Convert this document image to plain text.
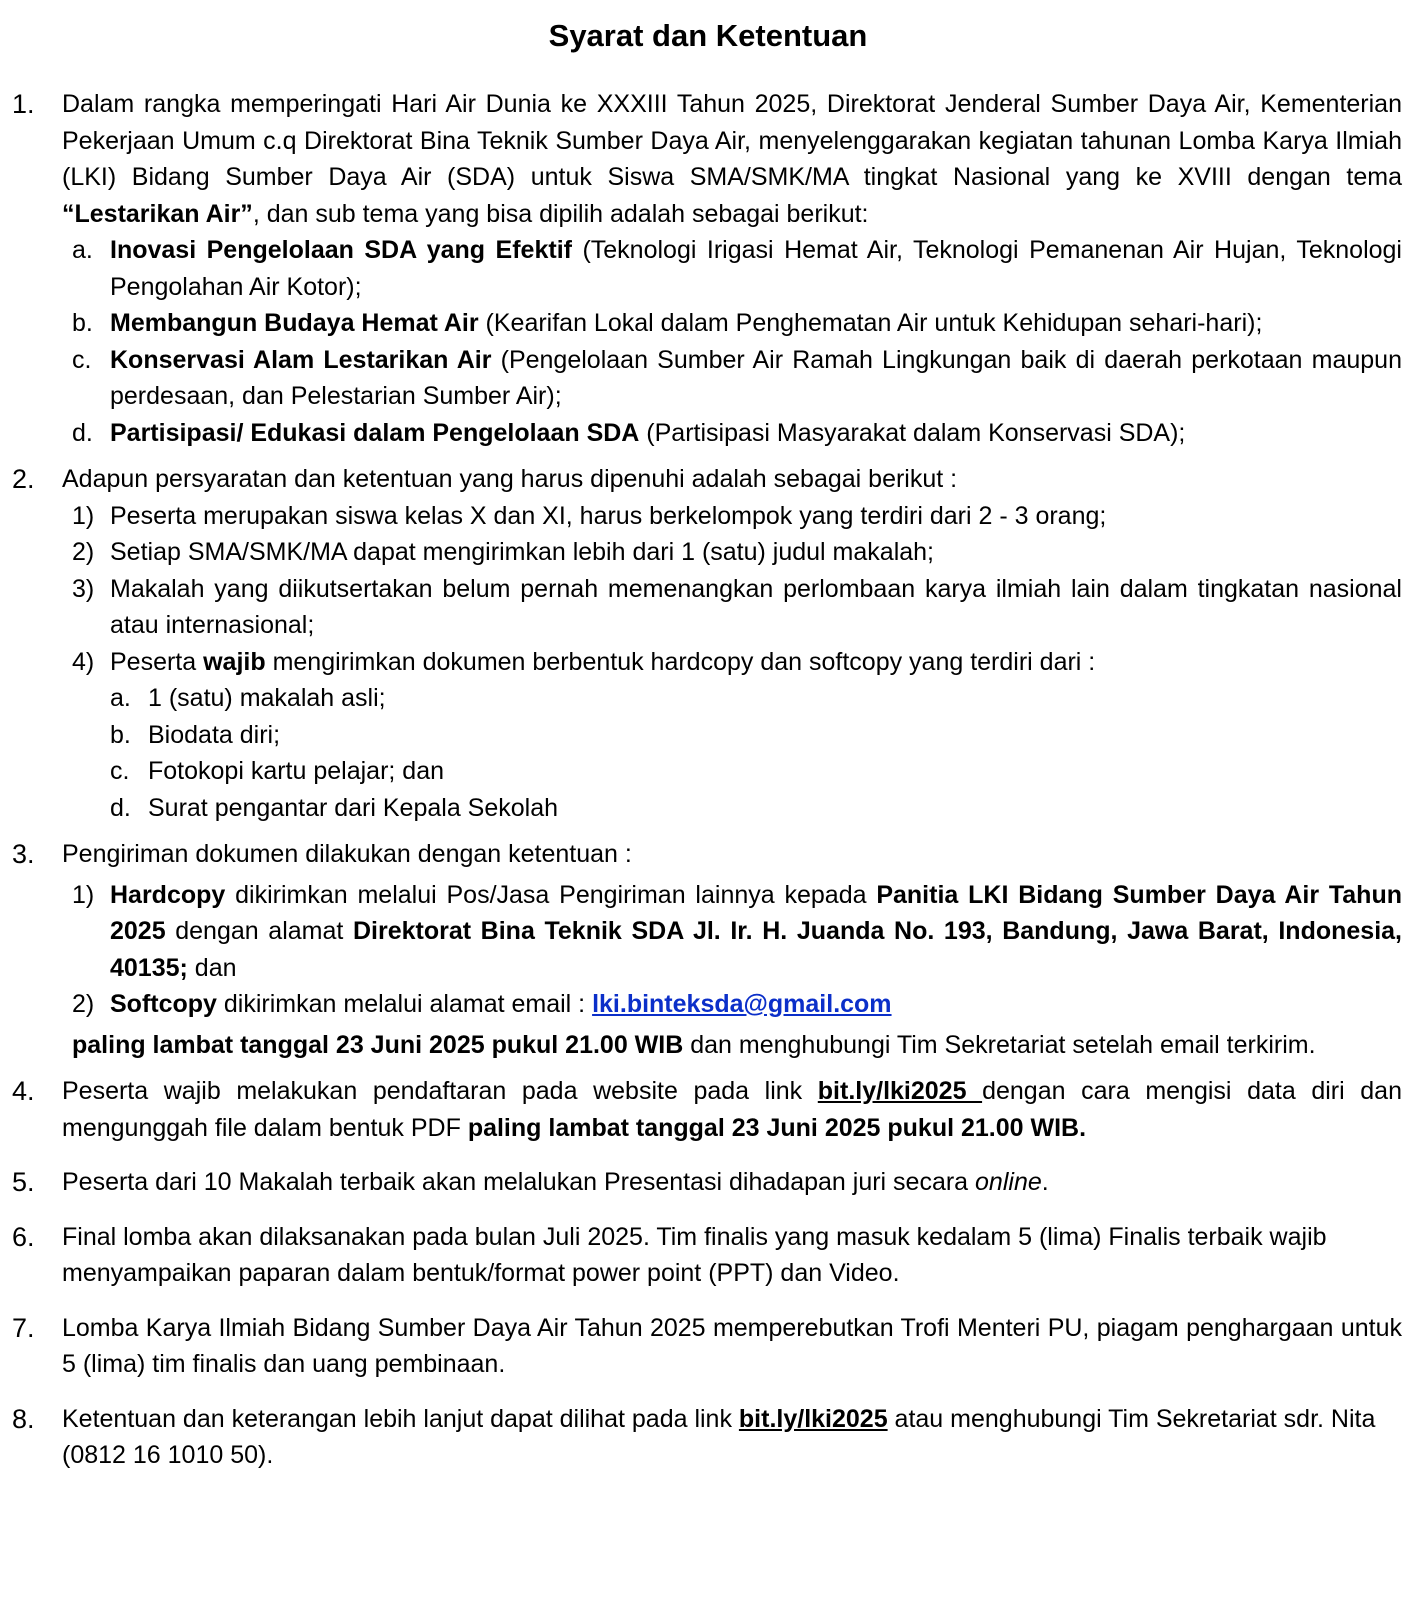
Syarat dan Ketentuan
1.	Dalam rangka memperingati Hari Air Dunia ke XXXIII Tahun 2025, Direktorat Jenderal Sumber Daya Air, Kementerian Pekerjaan Umum c.q Direktorat Bina Teknik Sumber Daya Air, menyelenggarakan kegiatan tahunan Lomba Karya Ilmiah (LKI) Bidang Sumber Daya Air (SDA) untuk Siswa SMA/SMK/MA tingkat Nasional yang ke XVIII dengan tema “Lestarikan Air”, dan sub tema yang bisa dipilih adalah sebagai berikut:
a. Inovasi Pengelolaan SDA yang Efektif (Teknologi Irigasi Hemat Air, Teknologi Pemanenan Air Hujan, Teknologi Pengolahan Air Kotor);
b. Membangun Budaya Hemat Air (Kearifan Lokal dalam Penghematan Air untuk Kehidupan sehari-hari);
c. Konservasi Alam Lestarikan Air (Pengelolaan Sumber Air Ramah Lingkungan baik di daerah perkotaan maupun perdesaan, dan Pelestarian Sumber Air);
d. Partisipasi/ Edukasi dalam Pengelolaan SDA (Partisipasi Masyarakat dalam Konservasi SDA);
2.	Adapun persyaratan dan ketentuan yang harus dipenuhi adalah sebagai berikut :
1) Peserta merupakan siswa kelas X dan XI, harus berkelompok yang terdiri dari 2 - 3 orang;
2) Setiap SMA/SMK/MA dapat mengirimkan lebih dari 1 (satu) judul makalah;
3) Makalah yang diikutsertakan belum pernah memenangkan perlombaan karya ilmiah lain dalam tingkatan nasional atau internasional;
4) Peserta wajib mengirimkan dokumen berbentuk hardcopy dan softcopy yang terdiri dari :
a. 1 (satu) makalah asli;
b. Biodata diri;
c. Fotokopi kartu pelajar; dan
d. Surat pengantar dari Kepala Sekolah
3.	Pengiriman dokumen dilakukan dengan ketentuan :
1) Hardcopy dikirimkan melalui Pos/Jasa Pengiriman lainnya kepada Panitia LKI Bidang Sumber Daya Air Tahun 2025 dengan alamat Direktorat Bina Teknik SDA Jl. Ir. H. Juanda No. 193, Bandung, Jawa Barat, Indonesia, 40135; dan
2) Softcopy dikirimkan melalui alamat email : lki.binteksda@gmail.com
paling lambat tanggal 23 Juni 2025 pukul 21.00 WIB dan menghubungi Tim Sekretariat setelah email terkirim.
4.	Peserta wajib melakukan pendaftaran pada website pada link bit.ly/lki2025 dengan cara mengisi data diri dan mengunggah file dalam bentuk PDF paling lambat tanggal 23 Juni 2025 pukul 21.00 WIB.
5.	Peserta dari 10 Makalah terbaik akan melalukan Presentasi dihadapan juri secara online.
6.	Final lomba akan dilaksanakan pada bulan Juli 2025. Tim finalis yang masuk kedalam 5 (lima) Finalis terbaik wajib menyampaikan paparan dalam bentuk/format power point (PPT) dan Video.
7.	Lomba Karya Ilmiah Bidang Sumber Daya Air Tahun 2025 memperebutkan Trofi Menteri PU, piagam penghargaan untuk 5 (lima) tim finalis dan uang pembinaan.
8.	Ketentuan dan keterangan lebih lanjut dapat dilihat pada link bit.ly/lki2025 atau menghubungi Tim Sekretariat sdr. Nita (0812 16 1010 50).
